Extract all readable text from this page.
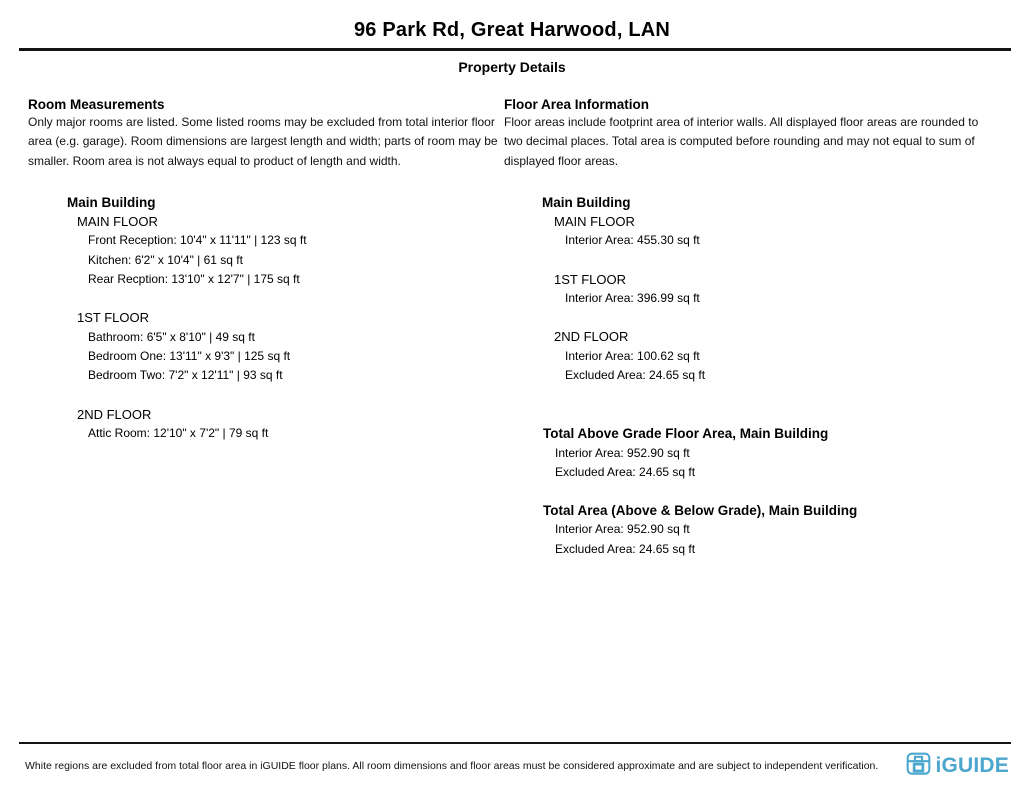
96 Park Rd, Great Harwood, LAN
Property Details
Room Measurements

Only major rooms are listed. Some listed rooms may be excluded from total interior floor area (e.g. garage). Room dimensions are largest length and width; parts of room may be smaller. Room area is not always equal to product of length and width.

Main Building
MAIN FLOOR
Front Reception: 10'4" x 11'11" | 123 sq ft
Kitchen: 6'2" x 10'4" | 61 sq ft
Rear Recption: 13'10" x 12'7" | 175 sq ft
1ST FLOOR
Bathroom: 6'5" x 8'10" | 49 sq ft
Bedroom One: 13'11" x 9'3" | 125 sq ft
Bedroom Two: 7'2" x 12'11" | 93 sq ft
2ND FLOOR
Attic Room: 12'10" x 7'2" | 79 sq ft
Floor Area Information

Floor areas include footprint area of interior walls. All displayed floor areas are rounded to two decimal places. Total area is computed before rounding and may not equal to sum of displayed floor areas.

Main Building
MAIN FLOOR
Interior Area: 455.30 sq ft
1ST FLOOR
Interior Area: 396.99 sq ft
2ND FLOOR
Interior Area: 100.62 sq ft
Excluded Area: 24.65 sq ft
Total Above Grade Floor Area, Main Building
Interior Area: 952.90 sq ft
Excluded Area: 24.65 sq ft
Total Area (Above & Below Grade), Main Building
Interior Area: 952.90 sq ft
Excluded Area: 24.65 sq ft
White regions are excluded from total floor area in iGUIDE floor plans. All room dimensions and floor areas must be considered approximate and are subject to independent verification.	iGUIDE
